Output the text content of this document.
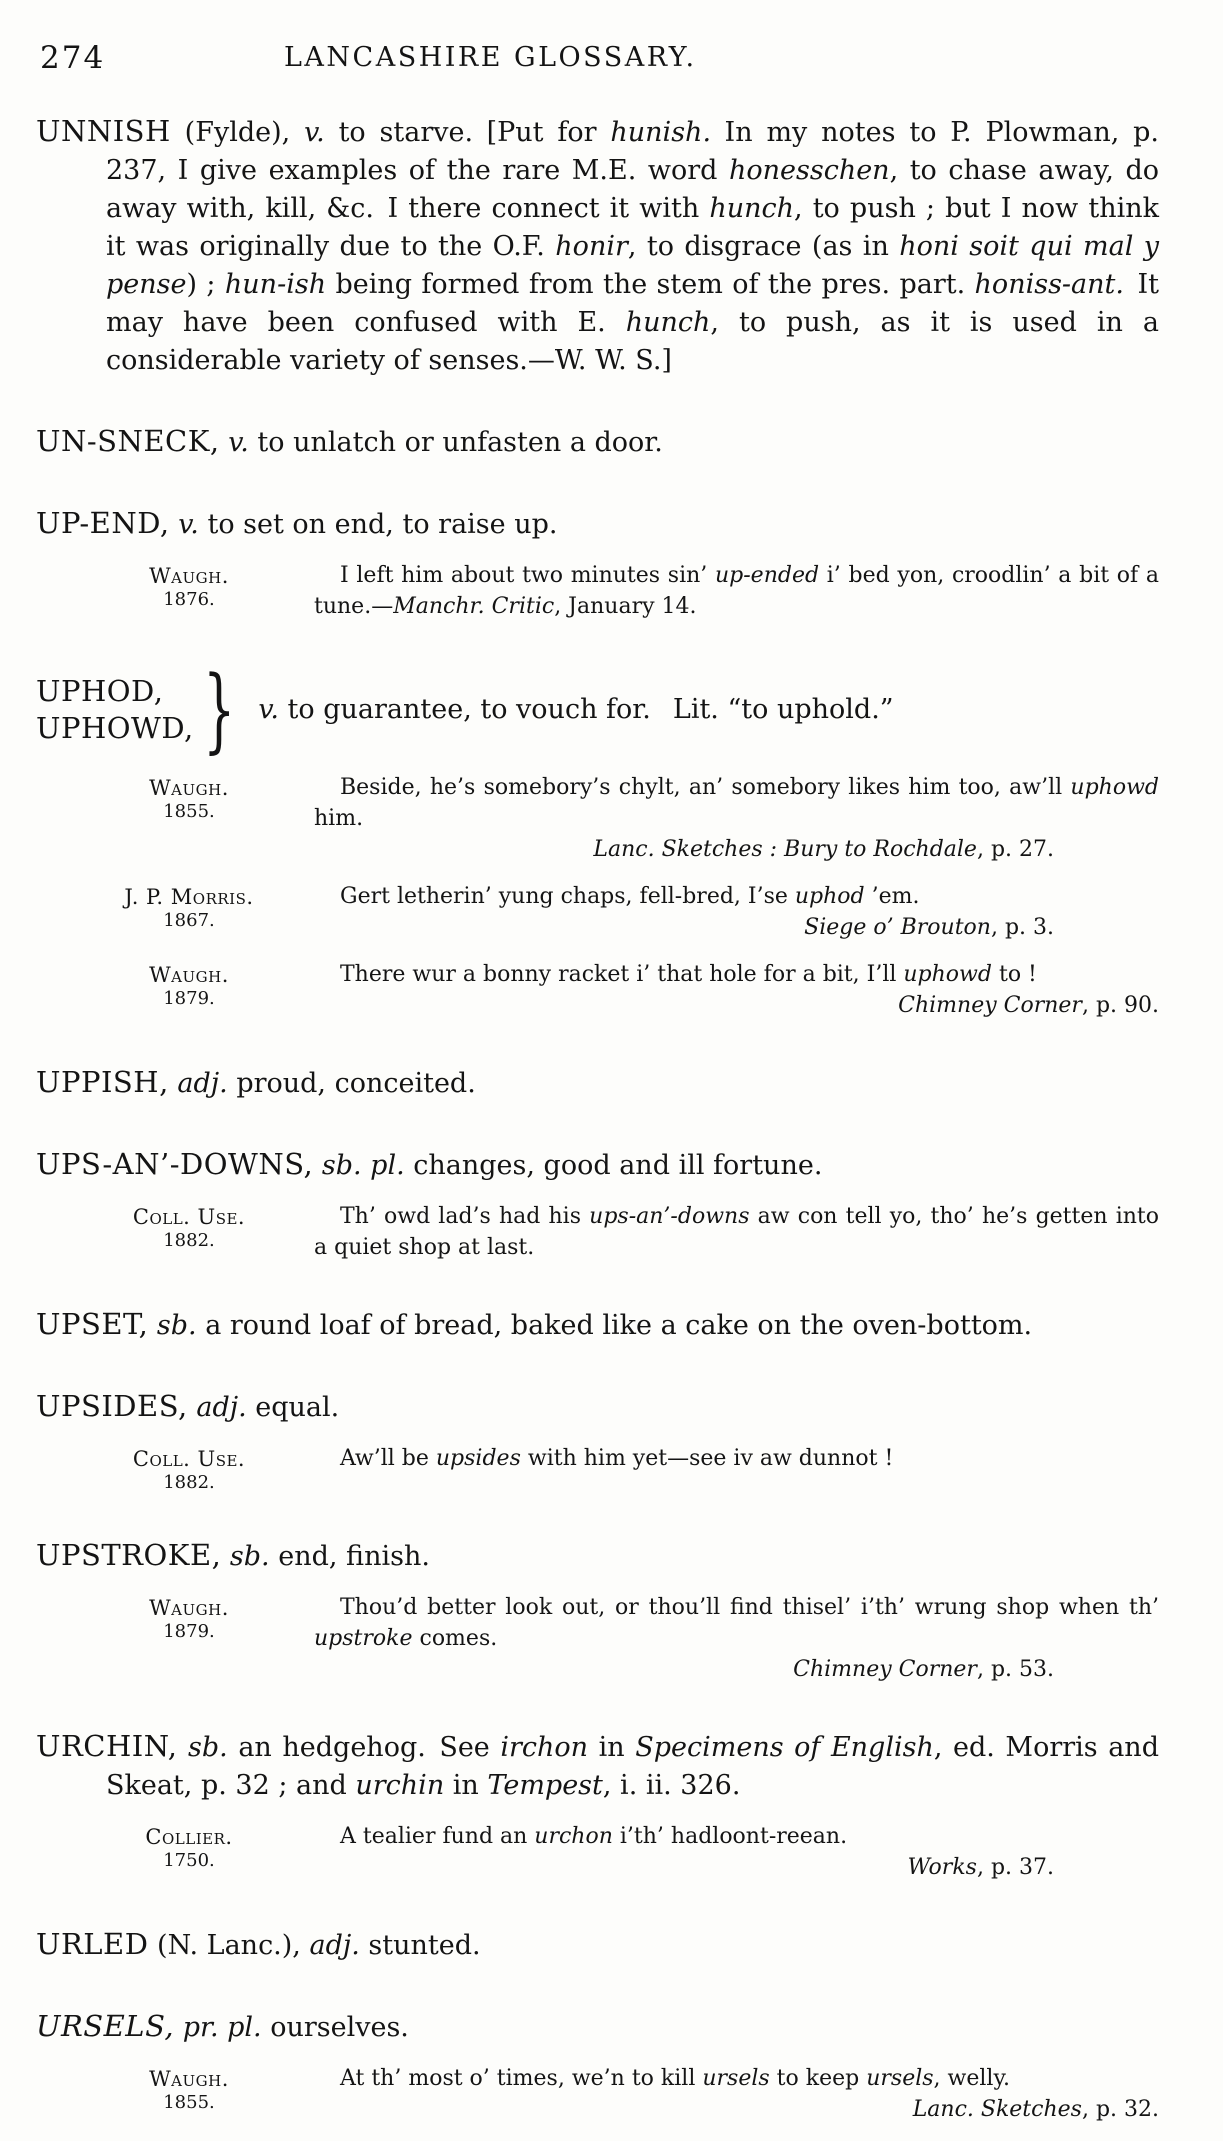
274	LANCASHIRE GLOSSARY.

UNNISH (Fylde), v. to starve. [Put for hunish. In my notes to P. Plowman, p. 237, I give examples of the rare M.E. word honesschen, to chase away, do away with, kill, &c. I there connect it with hunch, to push ; but I now think it was originally due to the O.F. honir, to disgrace (as in honi soit qui mal y pense) ; hun-ish being formed from the stem of the pres. part. honiss-ant. It may have been confused with E. hunch, to push, as it is used in a considerable variety of senses.—W. W. S.]

UN-SNECK, v. to unlatch or unfasten a door.

UP-END, v. to set on end, to raise up.

Waugh.
1876.

I left him about two minutes sin’ up-ended i’ bed yon, croodlin’ a bit of a tune.—Manchr. Critic, January 14.

UPHOD,
UPHOWD, } v. to guarantee, to vouch for.  Lit. “to uphold.”
Waugh.
1855.

Beside, he’s somebory’s chylt, an’ somebory likes him too, aw’ll uphowd him.

Lanc. Sketches : Bury to Rochdale, p. 27.

J. P. Morris.
1867.

Gert letherin’ yung chaps, fell-bred, I’se uphod ’em.

Siege o’ Brouton, p. 3.

Waugh.
1879.

There wur a bonny racket i’ that hole for a bit, I’ll uphowd to !
Chimney Corner, p. 90.

UPPISH, adj. proud, conceited.

UPS-AN’-DOWNS, sb. pl. changes, good and ill fortune.

Coll. Use.
1882.

Th’ owd lad’s had his ups-an’-downs aw con tell yo, tho’ he’s getten into a quiet shop at last.

UPSET, sb. a round loaf of bread, baked like a cake on the oven-bottom.

UPSIDES, adj. equal.

Coll. Use.
1882.

Aw’ll be upsides with him yet—see iv aw dunnot !

UPSTROKE, sb. end, finish.

Waugh.
1879.

Thou’d better look out, or thou’ll find thisel’ i’th’ wrung shop when th’ upstroke comes.

Chimney Corner, p. 53.

URCHIN, sb. an hedgehog. See irchon in Specimens of English, ed. Morris and Skeat, p. 32 ; and urchin in Tempest, i. ii. 326.

Collier.
1750.

A tealier fund an urchon i’th’ hadloont-reean.

Works, p. 37.

URLED (N. Lanc.), adj. stunted.

URSELS, pr. pl. ourselves.

Waugh.
1855.

At th’ most o’ times, we’n to kill ursels to keep ursels, welly.
Lanc. Sketches, p. 32.
